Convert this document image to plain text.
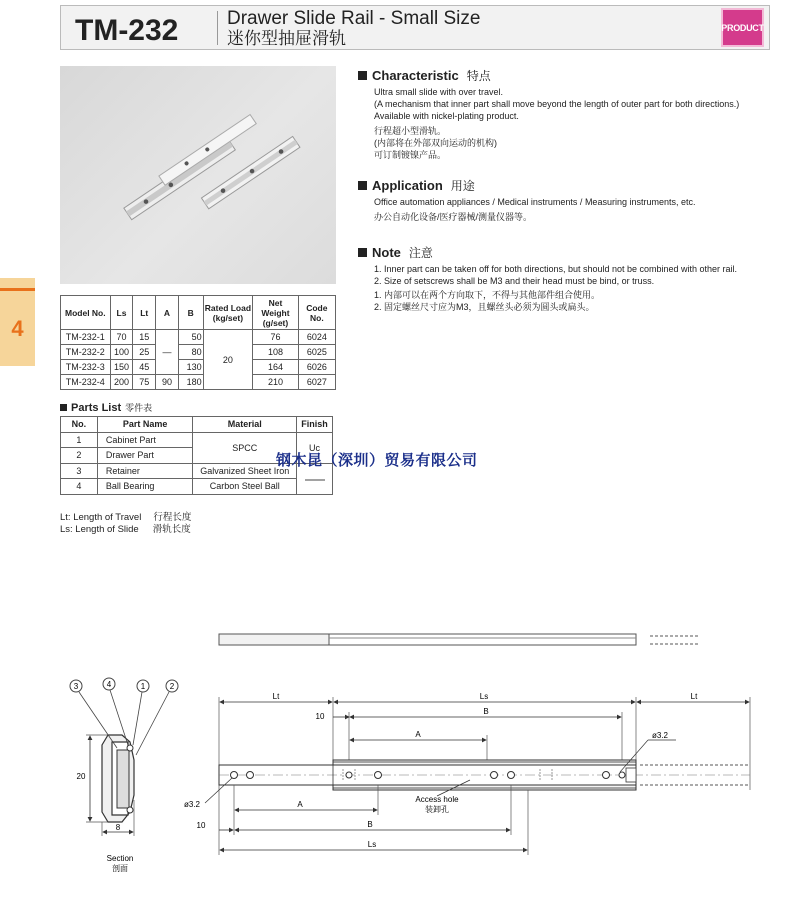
TM-232	Drawer Slide Rail - Small Size
迷你型抽屉滑轨
PRODUCT
4
Model No.	Ls	Lt	A	B	Rated Load (kg/set)	Net Weight (g/set)	Code No.
TM-232-1	70	15	—	50	20	76	6024
TM-232-2	100	25		80		108	6025
TM-232-3	150	45		130		164	6026
TM-232-4	200	75	90	180		210	6027
Characteristic 特点
Ultra small slide with over travel.
(A mechanism that inner part shall move beyond the length of outer part for both directions.)
Available with nickel-plating product.
行程超小型滑轨。
(内部将在外部双向运动的机构)
可订制镀镍产品。
Application 用途
Office automation appliances / Medical instruments / Measuring instruments, etc.
办公自动化设备/医疗器械/测量仪器等。
Note 注意
1. Inner part can be taken off for both directions, but should not be combined with other rail.
2. Size of setscrews shall be M3 and their head must be bind, or truss.
1. 内部可以在两个方向取下，不得与其他部件组合使用。
2. 固定螺丝尺寸应为M3，且螺丝头必须为圆头或扁头。
Parts List 零件表
No.	Part Name	Material	Finish
1	Cabinet Part	SPCC	Uc
2	Drawer Part		
3	Retainer	Galvanized Sheet Iron	
4	Ball Bearing	Carbon Steel Ball	
钢木昆（深圳）贸易有限公司
Lt: Length of Travel 行程长度
Ls: Length of Slide 滑轨长度
3	4	1	2
20
8
Section
剖面
Lt	Ls	Lt
10
B
A	ø3.2
ø3.2
Access hole
装卸孔
A
10	B
Ls
